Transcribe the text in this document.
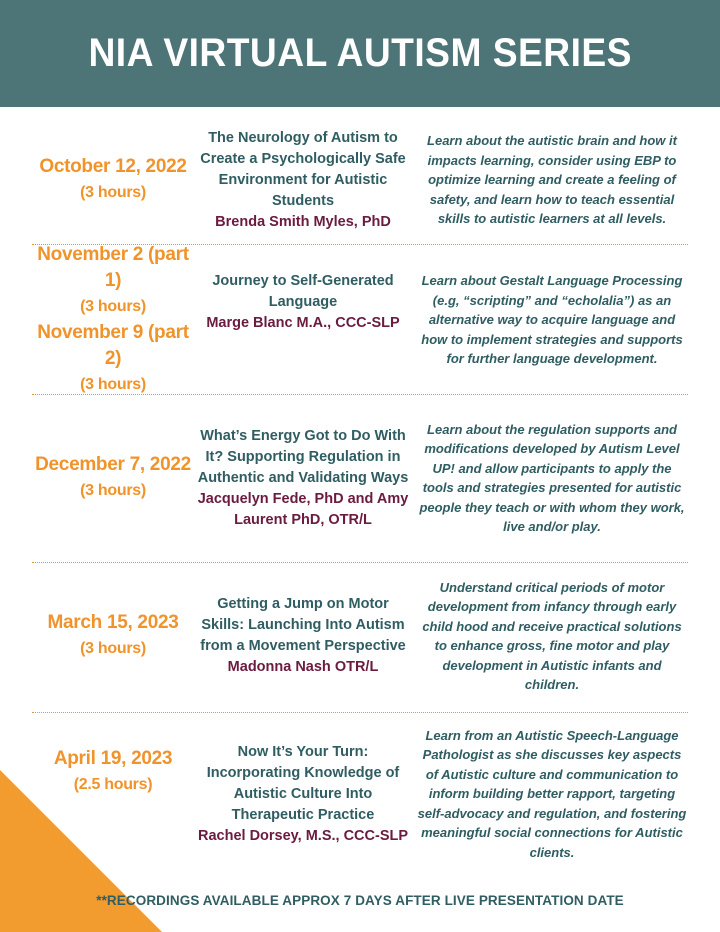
NIA VIRTUAL AUTISM SERIES
October 12, 2022
(3 hours)
The Neurology of Autism to Create a Psychologically Safe Environment for Autistic Students
Brenda Smith Myles, PhD
Learn about the autistic brain and how it impacts learning, consider using EBP to optimize learning and create a feeling of safety, and learn how to teach essential skills to autistic learners at all levels.
November 2 (part 1)
(3 hours)
November 9 (part 2)
(3 hours)
Journey to Self-Generated Language
Marge Blanc M.A., CCC-SLP
Learn about Gestalt Language Processing (e.g, “scripting” and “echolalia”) as an alternative way to acquire language and how to implement strategies and supports for further language development.
December 7, 2022
(3 hours)
What’s Energy Got to Do With It? Supporting Regulation in Authentic and Validating Ways
Jacquelyn Fede, PhD and Amy Laurent PhD, OTR/L
Learn about the regulation supports and modifications developed by Autism Level UP! and allow participants to apply the tools and strategies presented for autistic people they teach or with whom they work, live and/or play.
March 15, 2023
(3 hours)
Getting a Jump on Motor Skills: Launching Into Autism from a Movement Perspective
Madonna Nash OTR/L
Understand critical periods of motor development from infancy through early child hood and receive practical solutions to enhance gross, fine motor and play development in Autistic infants and children.
April 19, 2023
(2.5 hours)
Now It’s Your Turn: Incorporating Knowledge of Autistic Culture Into Therapeutic Practice
Rachel Dorsey, M.S., CCC-SLP
Learn from an Autistic Speech-Language Pathologist as she discusses key aspects of Autistic culture and communication to inform building better rapport, targeting self-advocacy and regulation, and fostering meaningful social connections for Autistic clients.
**RECORDINGS AVAILABLE APPROX 7 DAYS AFTER LIVE PRESENTATION DATE
